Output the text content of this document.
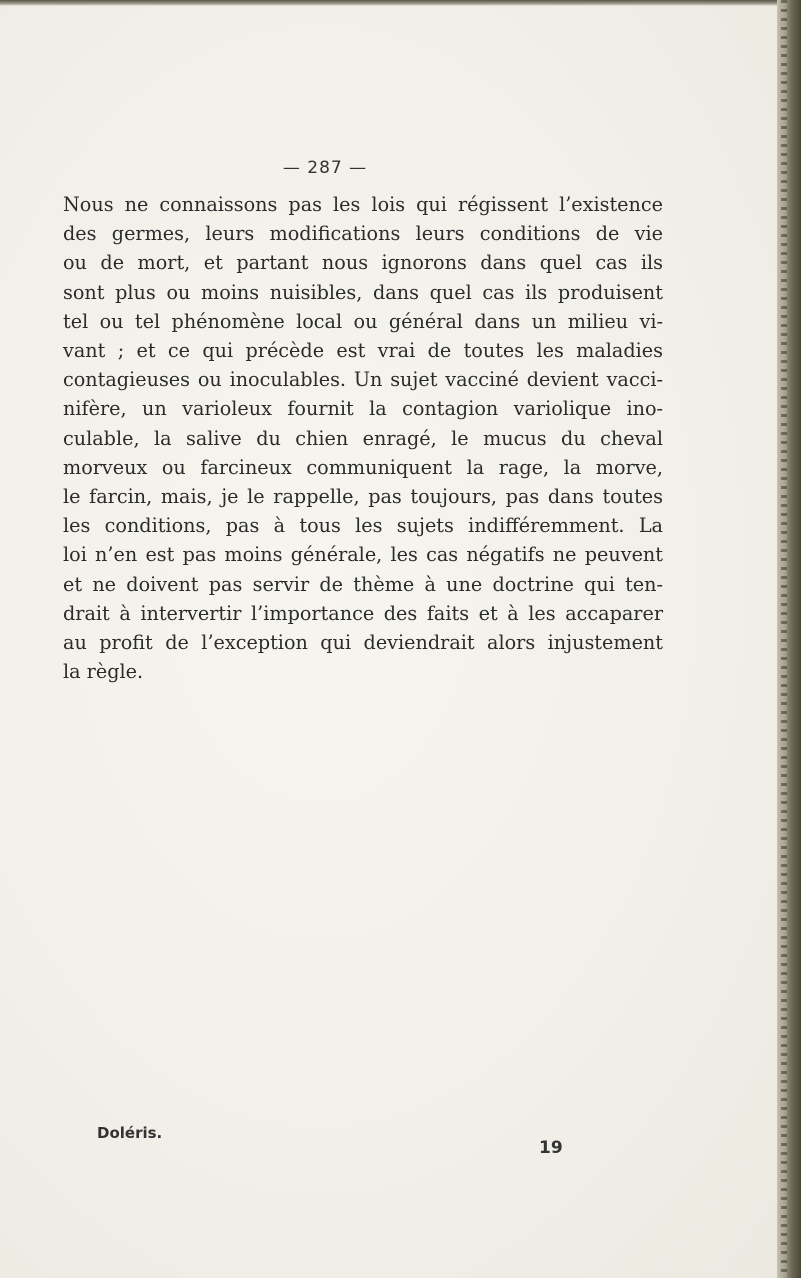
— 287 —
Nous ne connaissons pas les lois qui régissent l’existence
des germes, leurs modifications leurs conditions de vie
ou de mort, et partant nous ignorons dans quel cas ils
sont plus ou moins nuisibles, dans quel cas ils produisent
tel ou tel phénomène local ou général dans un milieu vi-
vant ; et ce qui précède est vrai de toutes les maladies
contagieuses ou inoculables. Un sujet vacciné devient vacci-
nifère, un varioleux fournit la contagion variolique ino-
culable, la salive du chien enragé, le mucus du cheval
morveux ou farcineux communiquent la rage, la morve,
le farcin, mais, je le rappelle, pas toujours, pas dans toutes
les conditions, pas à tous les sujets indifféremment. La
loi n’en est pas moins générale, les cas négatifs ne peuvent
et ne doivent pas servir de thème à une doctrine qui ten-
drait à intervertir l’importance des faits et à les accaparer
au profit de l’exception qui deviendrait alors injustement
la règle.
Doléris.
19
